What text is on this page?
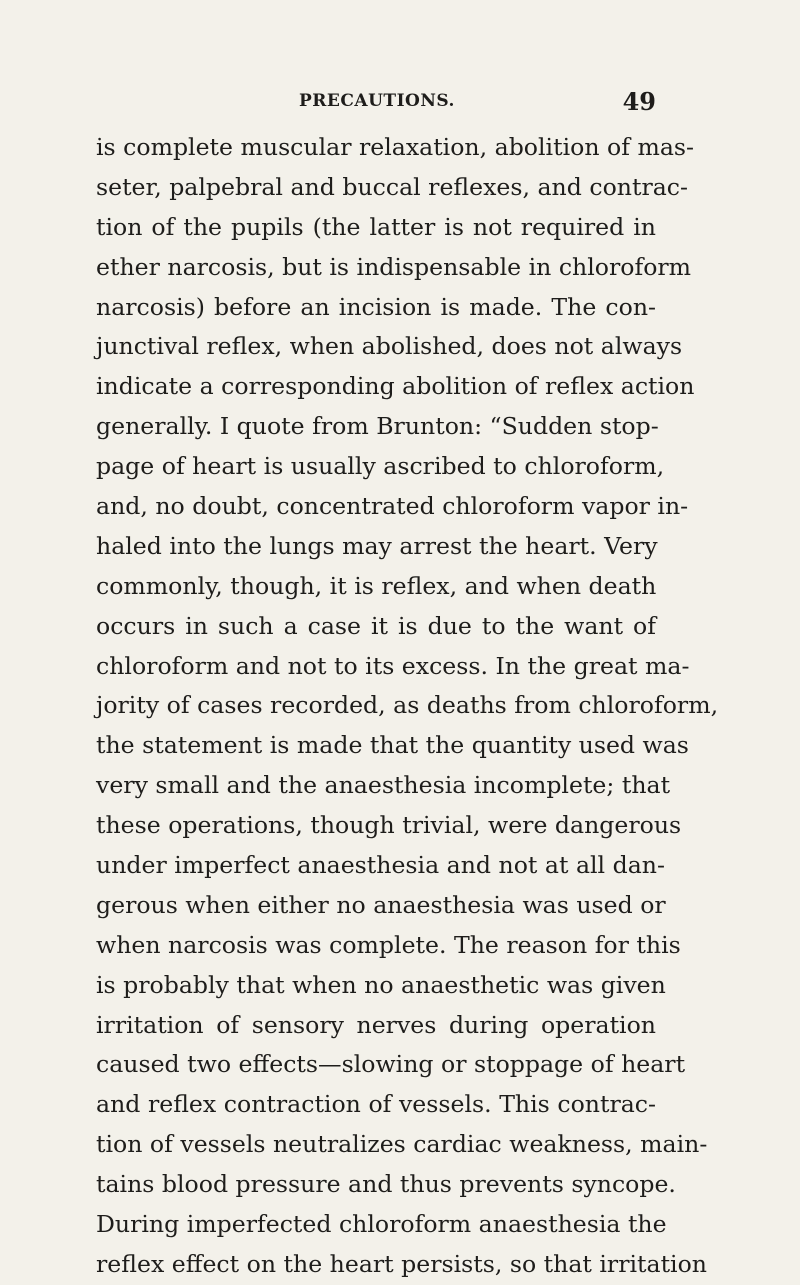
PRECAUTIONS.	49
is complete muscular relaxation, abolition of mas-
seter, palpebral and buccal reflexes, and contrac-
tion of the pupils (the latter is not required in
ether narcosis, but is indispensable in chloroform
narcosis) before an incision is made. The con-
junctival reflex, when abolished, does not always
indicate a corresponding abolition of reflex action
generally. I quote from Brunton: “Sudden stop-
page of heart is usually ascribed to chloroform,
and, no doubt, concentrated chloroform vapor in-
haled into the lungs may arrest the heart. Very
commonly, though, it is reflex, and when death
occurs in such a case it is due to the want of
chloroform and not to its excess. In the great ma-
jority of cases recorded, as deaths from chloroform,
the statement is made that the quantity used was
very small and the anaesthesia incomplete; that
these operations, though trivial, were dangerous
under imperfect anaesthesia and not at all dan-
gerous when either no anaesthesia was used or
when narcosis was complete. The reason for this
is probably that when no anaesthetic was given
irritation of sensory nerves during operation
caused two effects—slowing or stoppage of heart
and reflex contraction of vessels. This contrac-
tion of vessels neutralizes cardiac weakness, main-
tains blood pressure and thus prevents syncope.
During imperfected chloroform anaesthesia the
reflex effect on the heart persists, so that irritation
